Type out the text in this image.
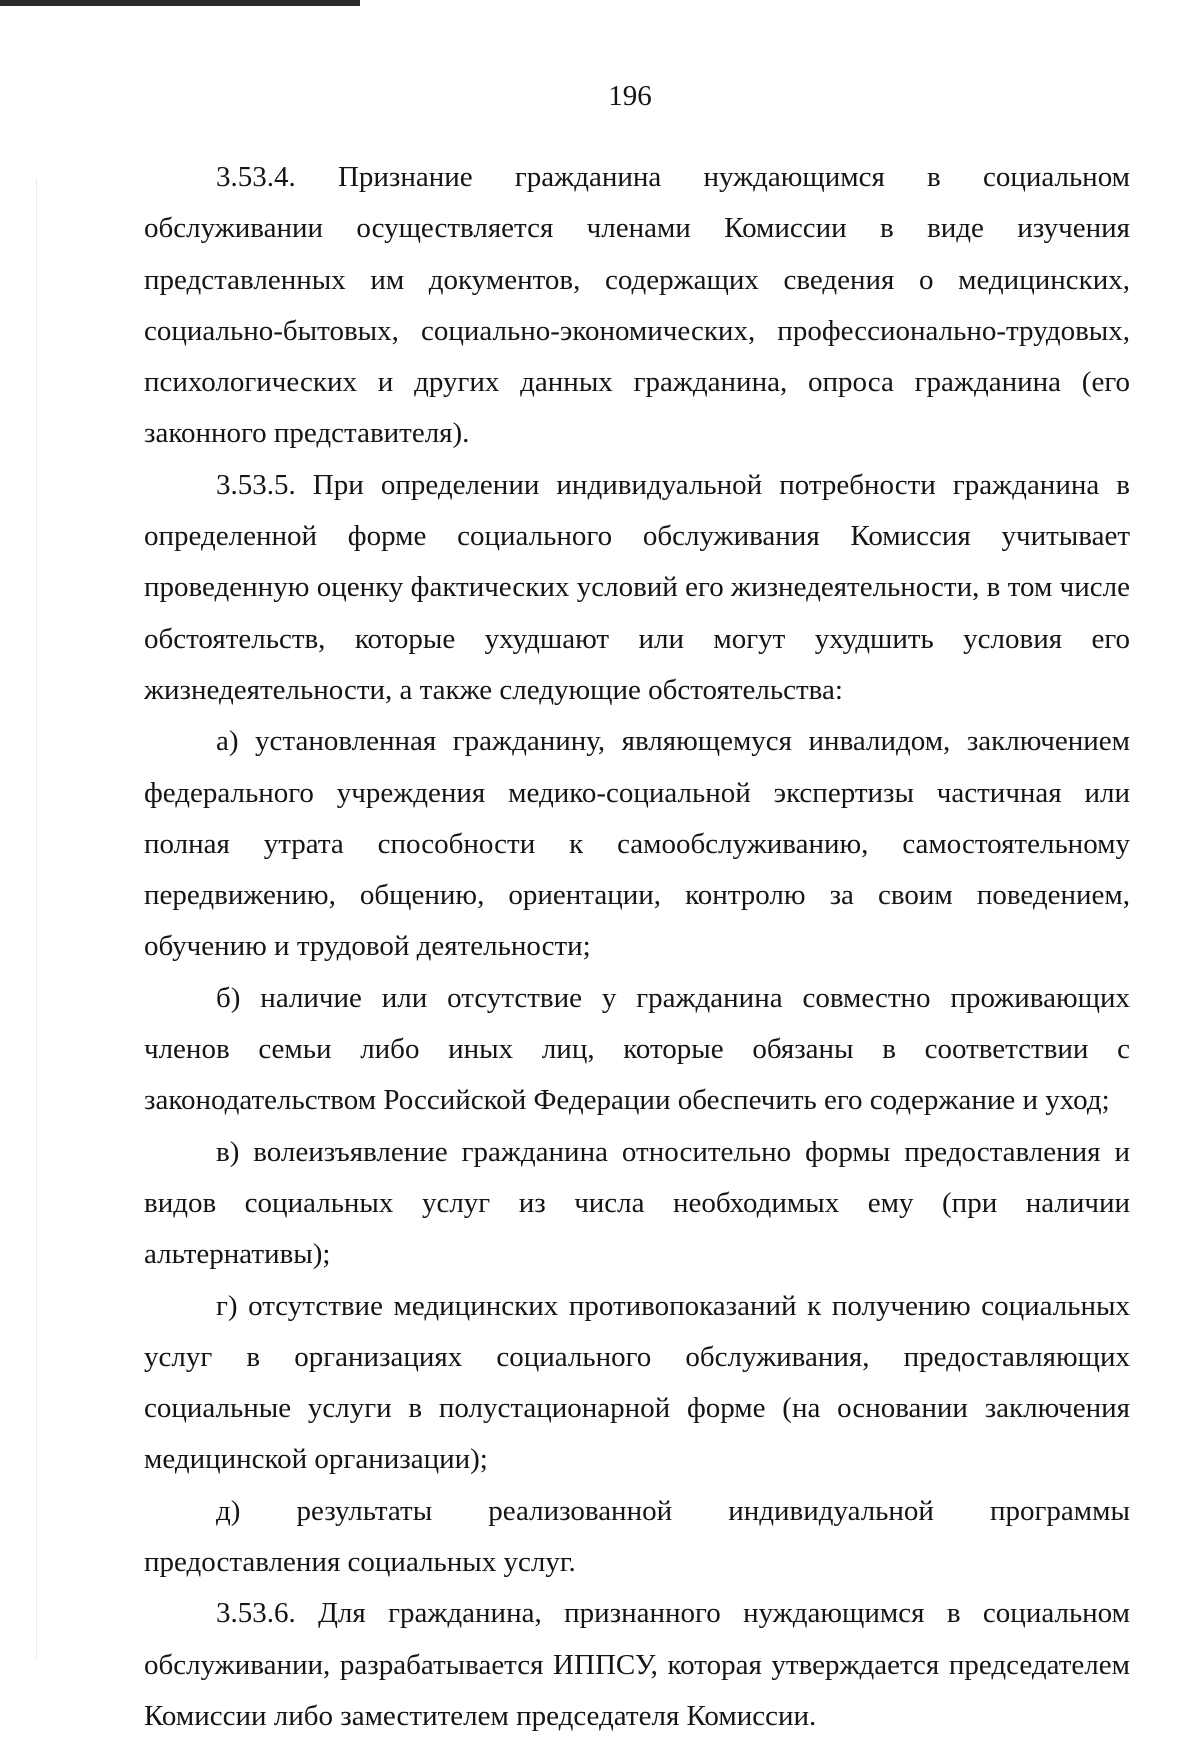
196

3.53.4. Признание гражданина нуждающимся в социальном обслуживании осуществляется членами Комиссии в виде изучения представленных им документов, содержащих сведения о медицинских, социально-бытовых, социально-экономических, профессионально-трудовых, психологических и других данных гражданина, опроса гражданина (его законного представителя).

3.53.5. При определении индивидуальной потребности гражданина в определенной форме социального обслуживания Комиссия учитывает проведенную оценку фактических условий его жизнедеятельности, в том числе обстоятельств, которые ухудшают или могут ухудшить условия его жизнедеятельности, а также следующие обстоятельства:

а) установленная гражданину, являющемуся инвалидом, заключением федерального учреждения медико-социальной экспертизы частичная или полная утрата способности к самообслуживанию, самостоятельному передвижению, общению, ориентации, контролю за своим поведением, обучению и трудовой деятельности;

б) наличие или отсутствие у гражданина совместно проживающих членов семьи либо иных лиц, которые обязаны в соответствии с законодательством Российской Федерации обеспечить его содержание и уход;

в) волеизъявление гражданина относительно формы предоставления и видов социальных услуг из числа необходимых ему (при наличии альтернативы);

г) отсутствие медицинских противопоказаний к получению социальных услуг в организациях социального обслуживания, предоставляющих социальные услуги в полустационарной форме (на основании заключения медицинской организации);

д) результаты реализованной индивидуальной программы предоставления социальных услуг.

3.53.6. Для гражданина, признанного нуждающимся в социальном обслуживании, разрабатывается ИППСУ, которая утверждается председателем Комиссии либо заместителем председателя Комиссии.
